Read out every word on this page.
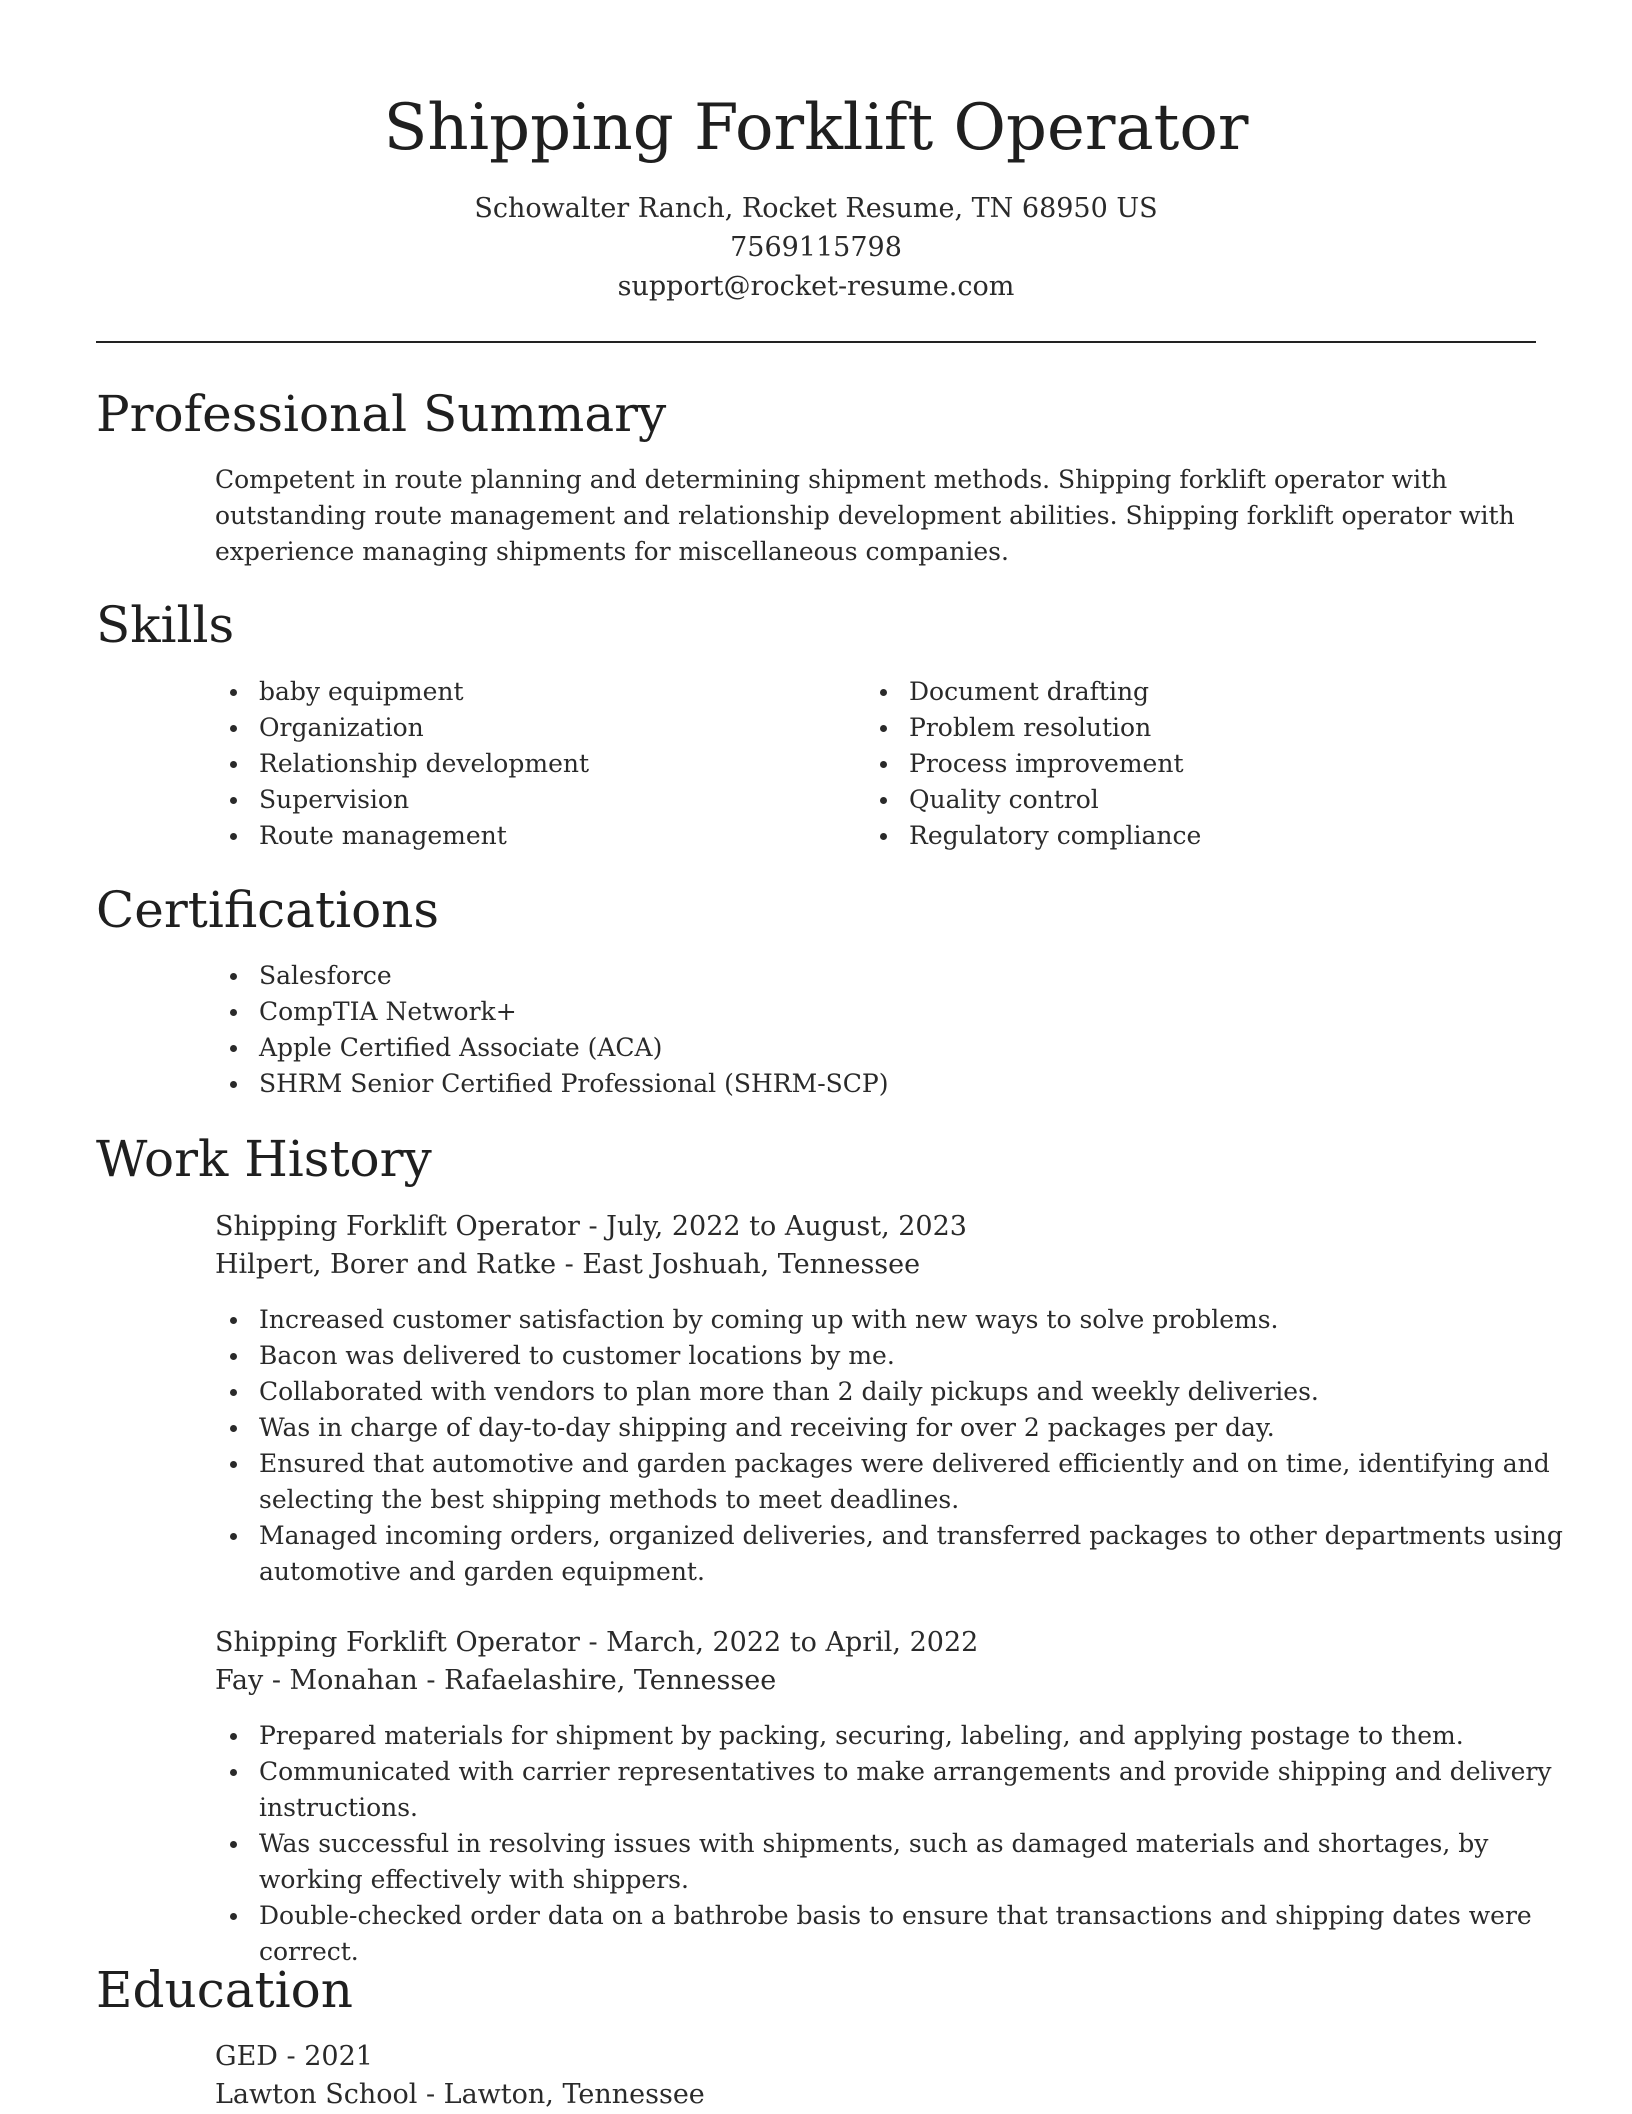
Shipping Forklift Operator
Schowalter Ranch, Rocket Resume, TN 68950 US
7569115798
support@rocket-resume.com
Professional Summary

Competent in route planning and determining shipment methods. Shipping forklift operator with outstanding route management and relationship development abilities. Shipping forklift operator with experience managing shipments for miscellaneous companies.

Skills
baby equipment
Organization
Relationship development
Supervision
Route management
Document drafting
Problem resolution
Process improvement
Quality control
Regulatory compliance
Certifications
Salesforce
CompTIA Network+
Apple Certified Associate (ACA)
SHRM Senior Certified Professional (SHRM-SCP)
Work History
Shipping Forklift Operator - July, 2022 to August, 2023
Hilpert, Borer and Ratke - East Joshuah, Tennessee
Increased customer satisfaction by coming up with new ways to solve problems.
Bacon was delivered to customer locations by me.
Collaborated with vendors to plan more than 2 daily pickups and weekly deliveries.
Was in charge of day-to-day shipping and receiving for over 2 packages per day.
Ensured that automotive and garden packages were delivered efficiently and on time, identifying and selecting the best shipping methods to meet deadlines.
Managed incoming orders, organized deliveries, and transferred packages to other departments using automotive and garden equipment.
Shipping Forklift Operator - March, 2022 to April, 2022
Fay - Monahan - Rafaelashire, Tennessee
Prepared materials for shipment by packing, securing, labeling, and applying postage to them.
Communicated with carrier representatives to make arrangements and provide shipping and delivery instructions.
Was successful in resolving issues with shipments, such as damaged materials and shortages, by working effectively with shippers.
Double-checked order data on a bathrobe basis to ensure that transactions and shipping dates were correct.
Education
GED - 2021
Lawton School - Lawton, Tennessee
